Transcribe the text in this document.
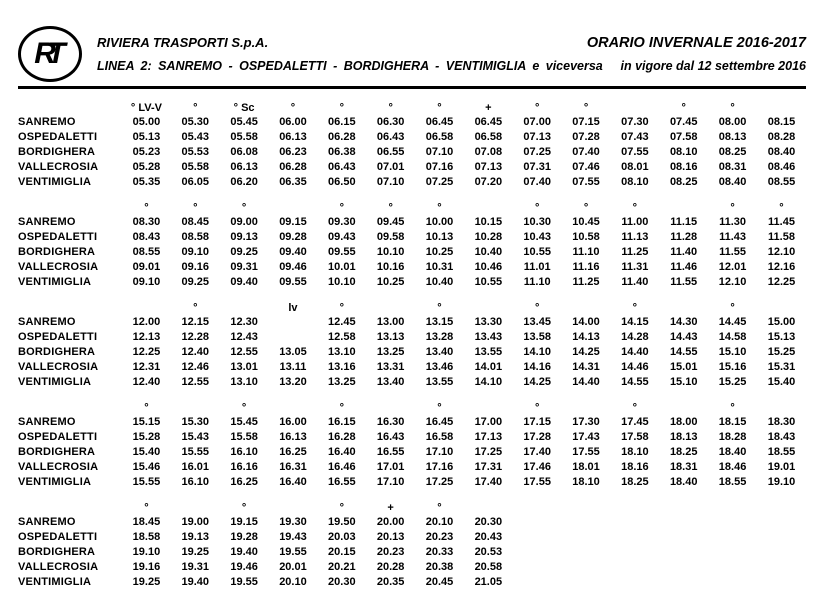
RT	RIVIERA TRASPORTI S.p.A.	ORARIO INVERNALE 2016-2017
LINEA 2: SANREMO - OSPEDALETTI - BORDIGHERA - VENTIMIGLIA e viceversa in vigore dal 12 settembre 2016
	° LV-V	°	° Sc	°	°	°	°	+	°	°		°	°	
SANREMO	05.00	05.30	05.45	06.00	06.15	06.30	06.45	06.45	07.00	07.15	07.30	07.45	08.00	08.15
OSPEDALETTI	05.13	05.43	05.58	06.13	06.28	06.43	06.58	06.58	07.13	07.28	07.43	07.58	08.13	08.28
BORDIGHERA	05.23	05.53	06.08	06.23	06.38	06.55	07.10	07.08	07.25	07.40	07.55	08.10	08.25	08.40
VALLECROSIA	05.28	05.58	06.13	06.28	06.43	07.01	07.16	07.13	07.31	07.46	08.01	08.16	08.31	08.46
VENTIMIGLIA	05.35	06.05	06.20	06.35	06.50	07.10	07.25	07.20	07.40	07.55	08.10	08.25	08.40	08.55
	°	°	°		°	°	°		°	°	°		°	°
SANREMO	08.30	08.45	09.00	09.15	09.30	09.45	10.00	10.15	10.30	10.45	11.00	11.15	11.30	11.45
OSPEDALETTI	08.43	08.58	09.13	09.28	09.43	09.58	10.13	10.28	10.43	10.58	11.13	11.28	11.43	11.58
BORDIGHERA	08.55	09.10	09.25	09.40	09.55	10.10	10.25	10.40	10.55	11.10	11.25	11.40	11.55	12.10
VALLECROSIA	09.01	09.16	09.31	09.46	10.01	10.16	10.31	10.46	11.01	11.16	11.31	11.46	12.01	12.16
VENTIMIGLIA	09.10	09.25	09.40	09.55	10.10	10.25	10.40	10.55	11.10	11.25	11.40	11.55	12.10	12.25
		°		lv	°		°		°		°		°	
SANREMO	12.00	12.15	12.30		12.45	13.00	13.15	13.30	13.45	14.00	14.15	14.30	14.45	15.00
OSPEDALETTI	12.13	12.28	12.43		12.58	13.13	13.28	13.43	13.58	14.13	14.28	14.43	14.58	15.13
BORDIGHERA	12.25	12.40	12.55	13.05	13.10	13.25	13.40	13.55	14.10	14.25	14.40	14.55	15.10	15.25
VALLECROSIA	12.31	12.46	13.01	13.11	13.16	13.31	13.46	14.01	14.16	14.31	14.46	15.01	15.16	15.31
VENTIMIGLIA	12.40	12.55	13.10	13.20	13.25	13.40	13.55	14.10	14.25	14.40	14.55	15.10	15.25	15.40
	°		°		°		°		°		°		°	
SANREMO	15.15	15.30	15.45	16.00	16.15	16.30	16.45	17.00	17.15	17.30	17.45	18.00	18.15	18.30
OSPEDALETTI	15.28	15.43	15.58	16.13	16.28	16.43	16.58	17.13	17.28	17.43	17.58	18.13	18.28	18.43
BORDIGHERA	15.40	15.55	16.10	16.25	16.40	16.55	17.10	17.25	17.40	17.55	18.10	18.25	18.40	18.55
VALLECROSIA	15.46	16.01	16.16	16.31	16.46	17.01	17.16	17.31	17.46	18.01	18.16	18.31	18.46	19.01
VENTIMIGLIA	15.55	16.10	16.25	16.40	16.55	17.10	17.25	17.40	17.55	18.10	18.25	18.40	18.55	19.10
	°		°		°	+	°							
SANREMO	18.45	19.00	19.15	19.30	19.50	20.00	20.10	20.30						
OSPEDALETTI	18.58	19.13	19.28	19.43	20.03	20.13	20.23	20.43						
BORDIGHERA	19.10	19.25	19.40	19.55	20.15	20.23	20.33	20.53						
VALLECROSIA	19.16	19.31	19.46	20.01	20.21	20.28	20.38	20.58						
VENTIMIGLIA	19.25	19.40	19.55	20.10	20.30	20.35	20.45	21.05						
